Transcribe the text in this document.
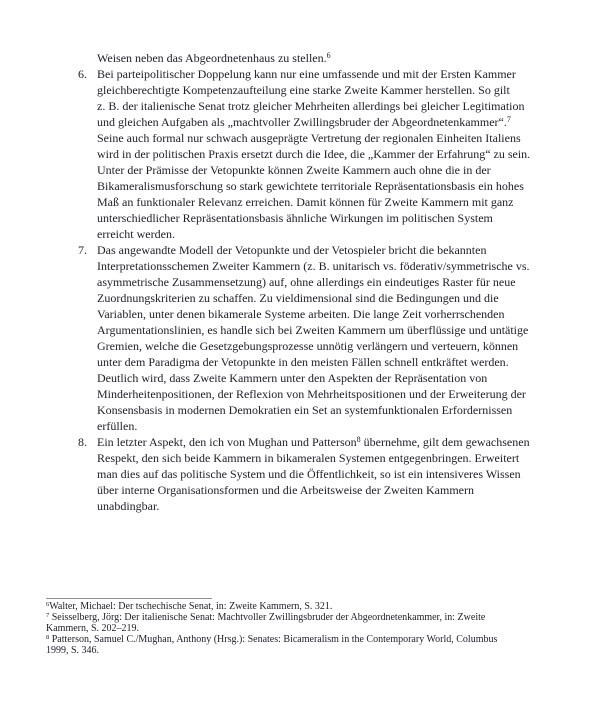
Weisen neben das Abgeordnetenhaus zu stellen.$^6$
6. Bei parteipolitischer Doppelung kann nur eine umfassende und mit der Ersten Kammer
gleichberechtigte Kompetenzaufteilung eine starke Zweite Kammer herstellen. So gilt
z. B. der italienische Senat trotz gleicher Mehrheiten allerdings bei gleicher Legitimation
und gleichen Aufgaben als „machtvoller Zwillingsbruder der Abgeordnetenkammer“.$^7$
Seine auch formal nur schwach ausgeprägte Vertretung der regionalen Einheiten Italiens
wird in der politischen Praxis ersetzt durch die Idee, die „Kammer der Erfahrung“ zu sein.
Unter der Prämisse der Vetopunkte können Zweite Kammern auch ohne die in der
Bikameralismusforschung so stark gewichtete territoriale Repräsentationsbasis ein hohes
Maß an funktionaler Relevanz erreichen. Damit können für Zweite Kammern mit ganz
unterschiedlicher Repräsentationsbasis ähnliche Wirkungen im politischen System
erreicht werden.
7. Das angewandte Modell der Vetopunkte und der Vetospieler bricht die bekannten
Interpretationsschemen Zweiter Kammern (z. B. unitarisch vs. föderativ/symmetrische vs.
asymmetrische Zusammensetzung) auf, ohne allerdings ein eindeutiges Raster für neue
Zuordnungskriterien zu schaffen. Zu vieldimensional sind die Bedingungen und die
Variablen, unter denen bikamerale Systeme arbeiten. Die lange Zeit vorherrschenden
Argumentationslinien, es handle sich bei Zweiten Kammern um überflüssige und untätige
Gremien, welche die Gesetzgebungsprozesse unnötig verlängern und verteuern, können
unter dem Paradigma der Vetopunkte in den meisten Fällen schnell entkräftet werden.
Deutlich wird, dass Zweite Kammern unter den Aspekten der Repräsentation von
Minderheitenpositionen, der Reflexion von Mehrheitspositionen und der Erweiterung der
Konsensbasis in modernen Demokratien ein Set an systemfunktionalen Erfordernissen
erfüllen.
8. Ein letzter Aspekt, den ich von Mughan und Patterson$^8$ übernehme, gilt dem gewachsenen
Respekt, den sich beide Kammern in bikameralen Systemen entgegenbringen. Erweitert
man dies auf das politische System und die Öffentlichkeit, so ist ein intensiveres Wissen
über interne Organisationsformen und die Arbeitsweise der Zweiten Kammern
unabdingbar.
$^6$Walter, Michael: Der tschechische Senat, in: Zweite Kammern, S. 321.
$^7$ Seisselberg, Jörg: Der italienische Senat: Machtvoller Zwillingsbruder der Abgeordnetenkammer, in: Zweite
Kammern, S. 202–219.
$^8$ Patterson, Samuel C./Mughan, Anthony (Hrsg.): Senates: Bicameralism in the Contemporary World, Columbus
1999, S. 346.
